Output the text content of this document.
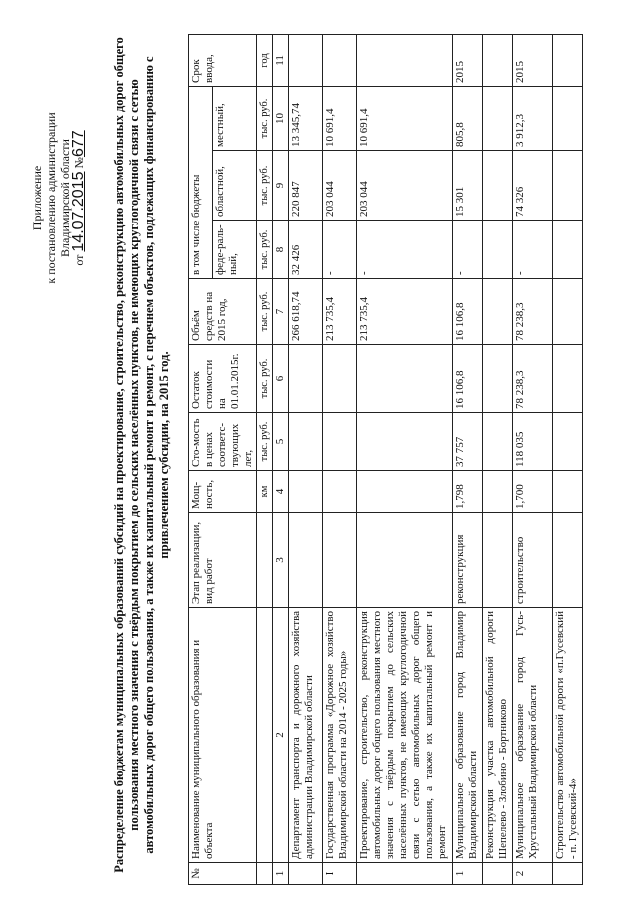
Приложение к постановлению администрации Владимирской области
от 14.07.2015 №677 Распределение бюджетам муниципальных образований субсидий на проектирование, строительство, реконструкцию автомобильных дорог общего пользования местного значения с твёрдым покрытием до сельских населённых пунктов, не имеющих круглогодичной связи с сетью автомобильных дорог общего пользования, а также их капитальный ремонт и ремонт, с перечнем объектов, подлежащих финансированию с привлечением субсидии, на 2015 год.
№	Наименование муниципального образования и объекта	Этап реализации, вид работ	Мощ-ность,	Сто-мость в ценах соответс-твующих лет,	Остаток стоимости на 01.01.2015г.	Объём средств на 2015 год,	в том числе бюджеты			Срок ввода,
							феде-раль-ный,	областной,	местный,	
			км	тыс. руб.	тыс. руб.	тыс. руб.	тыс. руб.	тыс. руб.	тыс. руб.	год
1	2	3	4	5	6	7	8	9	10	11
	Департамент транспорта и дорожного хозяйства администрации Владимирской области					266 618,74	32 426	220 847	13 345,74	
I	Государственная программа «Дорожное хозяйство Владимирской области на 2014 - 2025 годы»					213 735,4	-	203 044	10 691,4	
	Проектирование, строительство, реконструкция автомобильных дорог общего пользования местного значения с твёрдым покрытием до сельских населённых пунктов, не имеющих круглогодичной связи с сетью автомобильных дорог общего пользования, а также их капитальный ремонт и ремонт					213 735,4	-	203 044	10 691,4	
1	Муниципальное образование город Владимир Владимирской области	реконструкция	1,798	37 757	16 106,8	16 106,8	-	15 301	805,8	2015
	Реконструкция участка автомобильной дороги Шепелево - Злобино - Бортниково									
2	Муниципальное образование город Гусь-Хрустальный Владимирской области	строительство	1,700	118 035	78 238,3	78 238,3	-	74 326	3 912,3	2015
	Строительство автомобильной дороги «п.Гусевский - п. Гусевский-4»									
